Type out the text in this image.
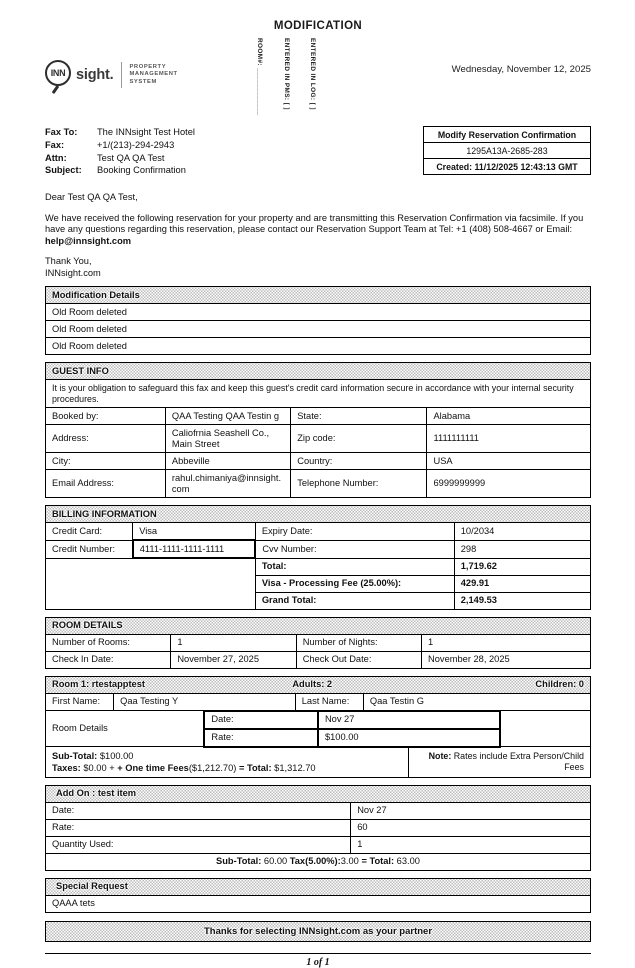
MODIFICATION
INN sight.
PROPERTY
MANAGEMENT
SYSTEM	ROOM#: ____________	ENTERED IN PMS: [ ]	ENTERED IN LOG: [ ]	Wednesday, November 12, 2025
Fax To: The INNsight Test Hotel
Fax:	+1/(213)-294-2943
Attn:	Test QA QA Test
Subject: Booking Confirmation
Modify Reservation Confirmation
1295A13A-2685-283
Created: 11/12/2025 12:43:13 GMT
Dear Test QA QA Test,

We have received the following reservation for your property and are transmitting this Reservation Confirmation via facsimile. If you have any questions regarding this reservation, please contact our Reservation Support Team at Tel: +1 (408) 508-4667 or Email: help@innsight.com

Thank You,
INNsight.com
Modification Details
Old Room deleted
Old Room deleted
Old Room deleted
GUEST INFO			
It is your obligation to safeguard this fax and keep this guest's credit card information secure in accordance with your internal security procedures.			
Booked by:	QAA Testing QAA Testin g	State:	Alabama
Address:	Caliofrnia Seashell Co., Main Street	Zip code:	1111111111
City:	Abbeville	Country:	USA
Email Address:	rahul.chimaniya@innsight.com	Telephone Number:	6999999999
BILLING INFORMATION			
Credit Card:	Visa	Expiry Date:	10/2034
Credit Number:	4111-1111-1111-1111	Cvv Number:	298
		Total:	1,719.62
		Visa - Processing Fee (25.00%):	429.91
		Grand Total:	2,149.53
ROOM DETAILS			
Number of Rooms:	1	Number of Nights:	1
Check In Date:	November 27, 2025	Check Out Date:	November 28, 2025
Room 1: rtestapptest Adults: 2 Children: 0							

First Name:	Qaa Testing Y		Last Name:		Qaa Testin G		
Room Details		Date:		Nov 27			
		Rate:		$100.00			

Sub-Total: $100.00
Taxes: $0.00 + + One time Fees($1,212.70) = Total: $1,312.70						Note: Rates include Extra Person/Child Fees	
Add On : test item	
Date:	Nov 27
Rate:	60
Quantity Used:	1
Sub-Total: 60.00 Tax(5.00%):3.00 = Total: 63.00	
Special Request
QAAA tets
Thanks for selecting INNsight.com as your partner
1 of 1
